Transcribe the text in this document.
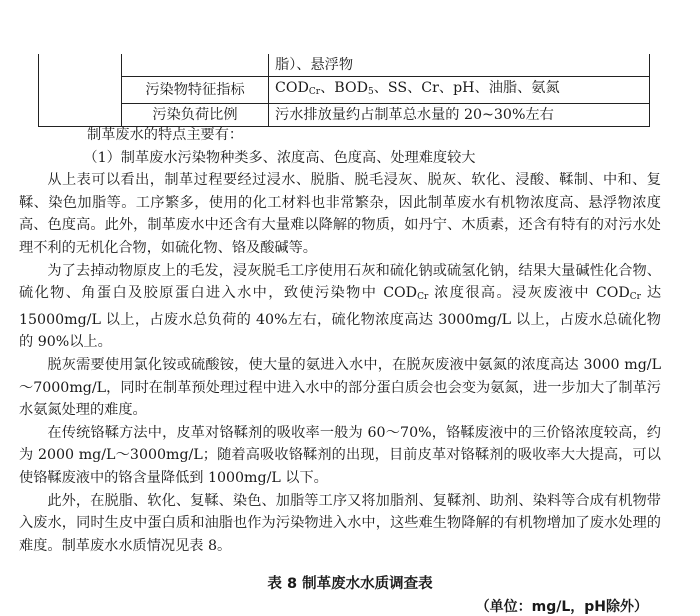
		脂）、悬浮物
	污染物特征指标	$COD_{Cr}$、$BOD_5$、SS、Cr、pH、油脂、氨氮
	污染负荷比例	污水排放量约占制革总水量的 20~30%左右

制革废水的特点主要有：

（1）制革废水污染物种类多、浓度高、色度高、处理难度较大

从上表可以看出，制革过程要经过浸水、脱脂、脱毛浸灰、脱灰、软化、浸酸、鞣制、中和、复鞣、染色加脂等。工序繁多，使用的化工材料也非常繁杂，因此制革废水有机物浓度高、悬浮物浓度高、色度高。此外，制革废水中还含有大量难以降解的物质，如丹宁、木质素，还含有特有的对污水处理不利的无机化合物，如硫化物、铬及酸碱等。

为了去掉动物原皮上的毛发，浸灰脱毛工序使用石灰和硫化钠或硫氢化钠，结果大量碱性化合物、硫化物、角蛋白及胶原蛋白进入水中，致使污染物中 $COD_{Cr}$ 浓度很高。浸灰废液中 $COD_{Cr}$ 达 15000mg/L 以上，占废水总负荷的 40%左右，硫化物浓度高达 3000mg/L 以上，占废水总硫化物的 90%以上。

脱灰需要使用氯化铵或硫酸铵，使大量的氨进入水中，在脱灰废液中氨氮的浓度高达 3000 mg/L～7000mg/L，同时在制革预处理过程中进入水中的部分蛋白质会也会变为氨氮，进一步加大了制革污水氨氮处理的难度。

在传统铬鞣方法中，皮革对铬鞣剂的吸收率一般为 60～70%，铬鞣废液中的三价铬浓度较高，约为 2000 mg/L～3000mg/L；随着高吸收铬鞣剂的出现，目前皮革对铬鞣剂的吸收率大大提高，可以使铬鞣废液中的铬含量降低到 1000mg/L 以下。

此外，在脱脂、软化、复鞣、染色、加脂等工序又将加脂剂、复鞣剂、助剂、染料等合成有机物带入废水，同时生皮中蛋白质和油脂也作为污染物进入水中，这些难生物降解的有机物增加了废水处理的难度。制革废水水质情况见表 8。

表 8 制革废水水质调查表
（单位：mg/L，pH除外）
